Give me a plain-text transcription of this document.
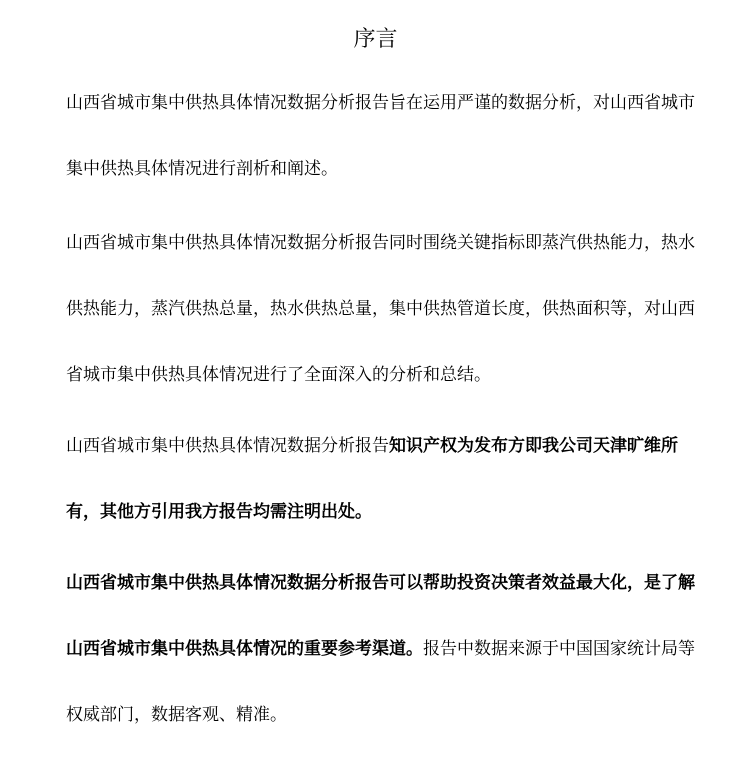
序言
山西省城市集中供热具体情况数据分析报告旨在运用严谨的数据分析，对山西省城市集中供热具体情况进行剖析和阐述。
山西省城市集中供热具体情况数据分析报告同时围绕关键指标即蒸汽供热能力，热水供热能力，蒸汽供热总量，热水供热总量，集中供热管道长度，供热面积等，对山西省城市集中供热具体情况进行了全面深入的分析和总结。
山西省城市集中供热具体情况数据分析报告知识产权为发布方即我公司天津旷维所有，其他方引用我方报告均需注明出处。
山西省城市集中供热具体情况数据分析报告可以帮助投资决策者效益最大化，是了解山西省城市集中供热具体情况的重要参考渠道。报告中数据来源于中国国家统计局等权威部门，数据客观、精准。
